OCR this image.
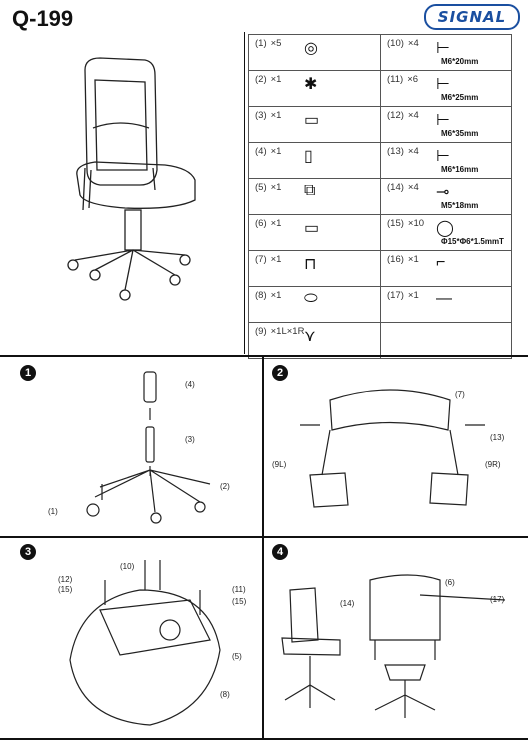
Q-199	SIGNAL
(1) ×5 ◎	(10) ×4 ⊢
M6*20mm

(2) ×1 ✱	(11) ×6 ⊢
M6*25mm

(3) ×1 ▭	(12) ×4 ⊢
M6*35mm

(4) ×1 ▯	(13) ×4 ⊢
M6*16mm

(5) ×1 ⧉	(14) ×4 ⊸
M5*18mm

(6) ×1 ▭	(15) ×10 ◯
Φ15*Φ6*1.5mmT

(7) ×1 ⊓	(16) ×1 ⌐

(8) ×1 ⬭	(17) ×1 —

(9) ×1L×1R ⋎	

1
(4)
(3)
(2)
(1)
2
(7)
(13)
(9L)	(9R)
3
(10)
(12)
(15)	(11)
(15)
(5)
(8)
4
(6)
(14)	(17)
